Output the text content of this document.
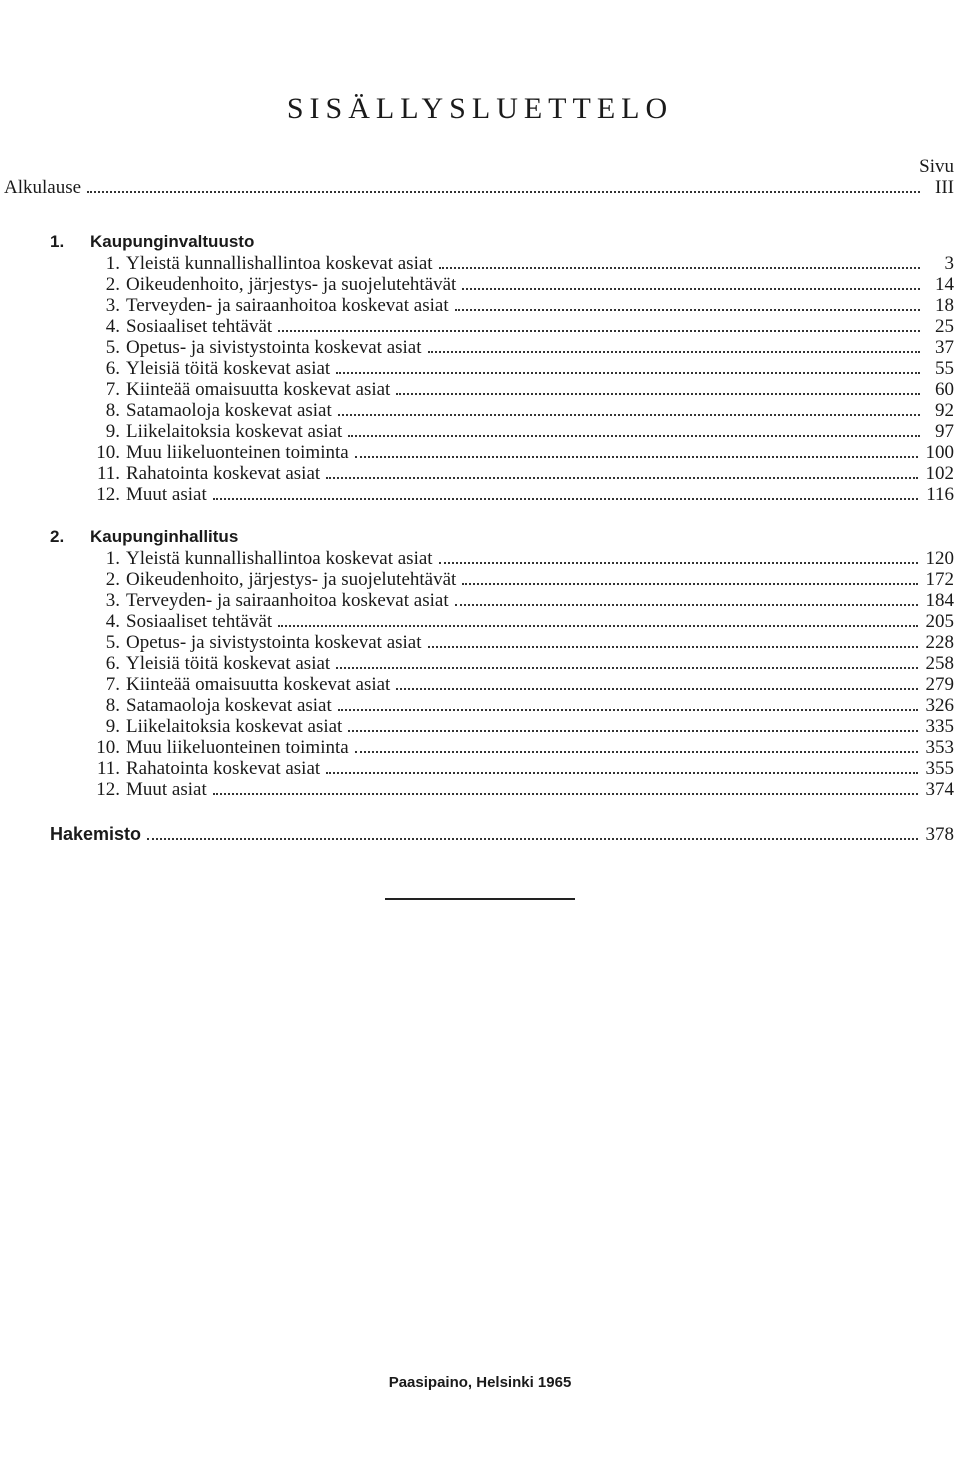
SISÄLLYSLUETTELO
Sivu
Alkulause	III
1. Kaupunginvaltuusto
1. Yleistä kunnallishallintoa koskevat asiat	3
2. Oikeudenhoito, järjestys- ja suojelutehtävät	14
3. Terveyden- ja sairaanhoitoa koskevat asiat	18
4. Sosiaaliset tehtävät	25
5. Opetus- ja sivistystointa koskevat asiat	37
6. Yleisiä töitä koskevat asiat	55
7. Kiinteää omaisuutta koskevat asiat	60
8. Satamaoloja koskevat asiat	92
9. Liikelaitoksia koskevat asiat	97
10. Muu liikeluonteinen toiminta	100
11. Rahatointa koskevat asiat	102
12. Muut asiat	116
2. Kaupunginhallitus
1. Yleistä kunnallishallintoa koskevat asiat	120
2. Oikeudenhoito, järjestys- ja suojelutehtävät	172
3. Terveyden- ja sairaanhoitoa koskevat asiat	184
4. Sosiaaliset tehtävät	205
5. Opetus- ja sivistystointa koskevat asiat	228
6. Yleisiä töitä koskevat asiat	258
7. Kiinteää omaisuutta koskevat asiat	279
8. Satamaoloja koskevat asiat	326
9. Liikelaitoksia koskevat asiat	335
10. Muu liikeluonteinen toiminta	353
11. Rahatointa koskevat asiat	355
12. Muut asiat	374
Hakemisto	378
Paasipaino, Helsinki 1965
